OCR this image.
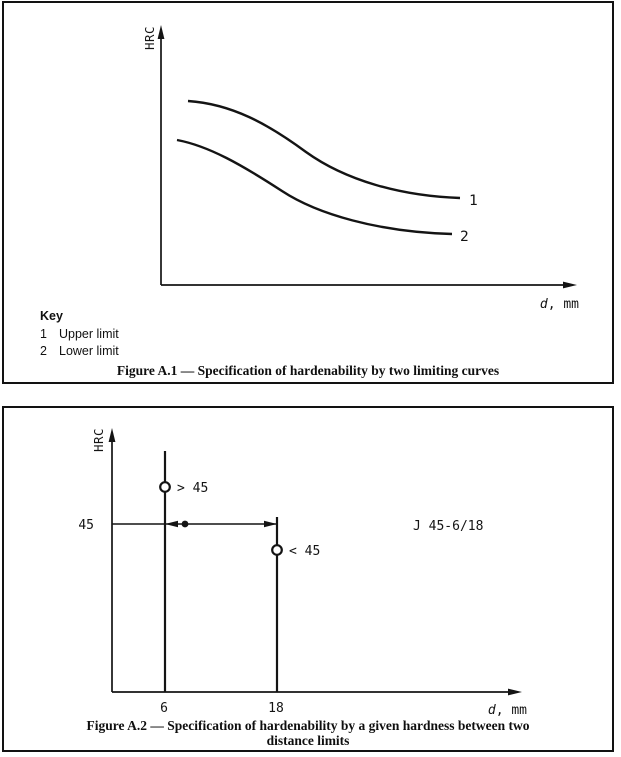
HRC
d, mm
1
2
Key
1 Upper limit
2 Lower limit
Figure A.1 — Specification of hardenability by two limiting curves
HRC
d, mm
45
> 45
< 45
J 45-6/18
6	18
Figure A.2 — Specification of hardenability by a given hardness between two
distance limits
